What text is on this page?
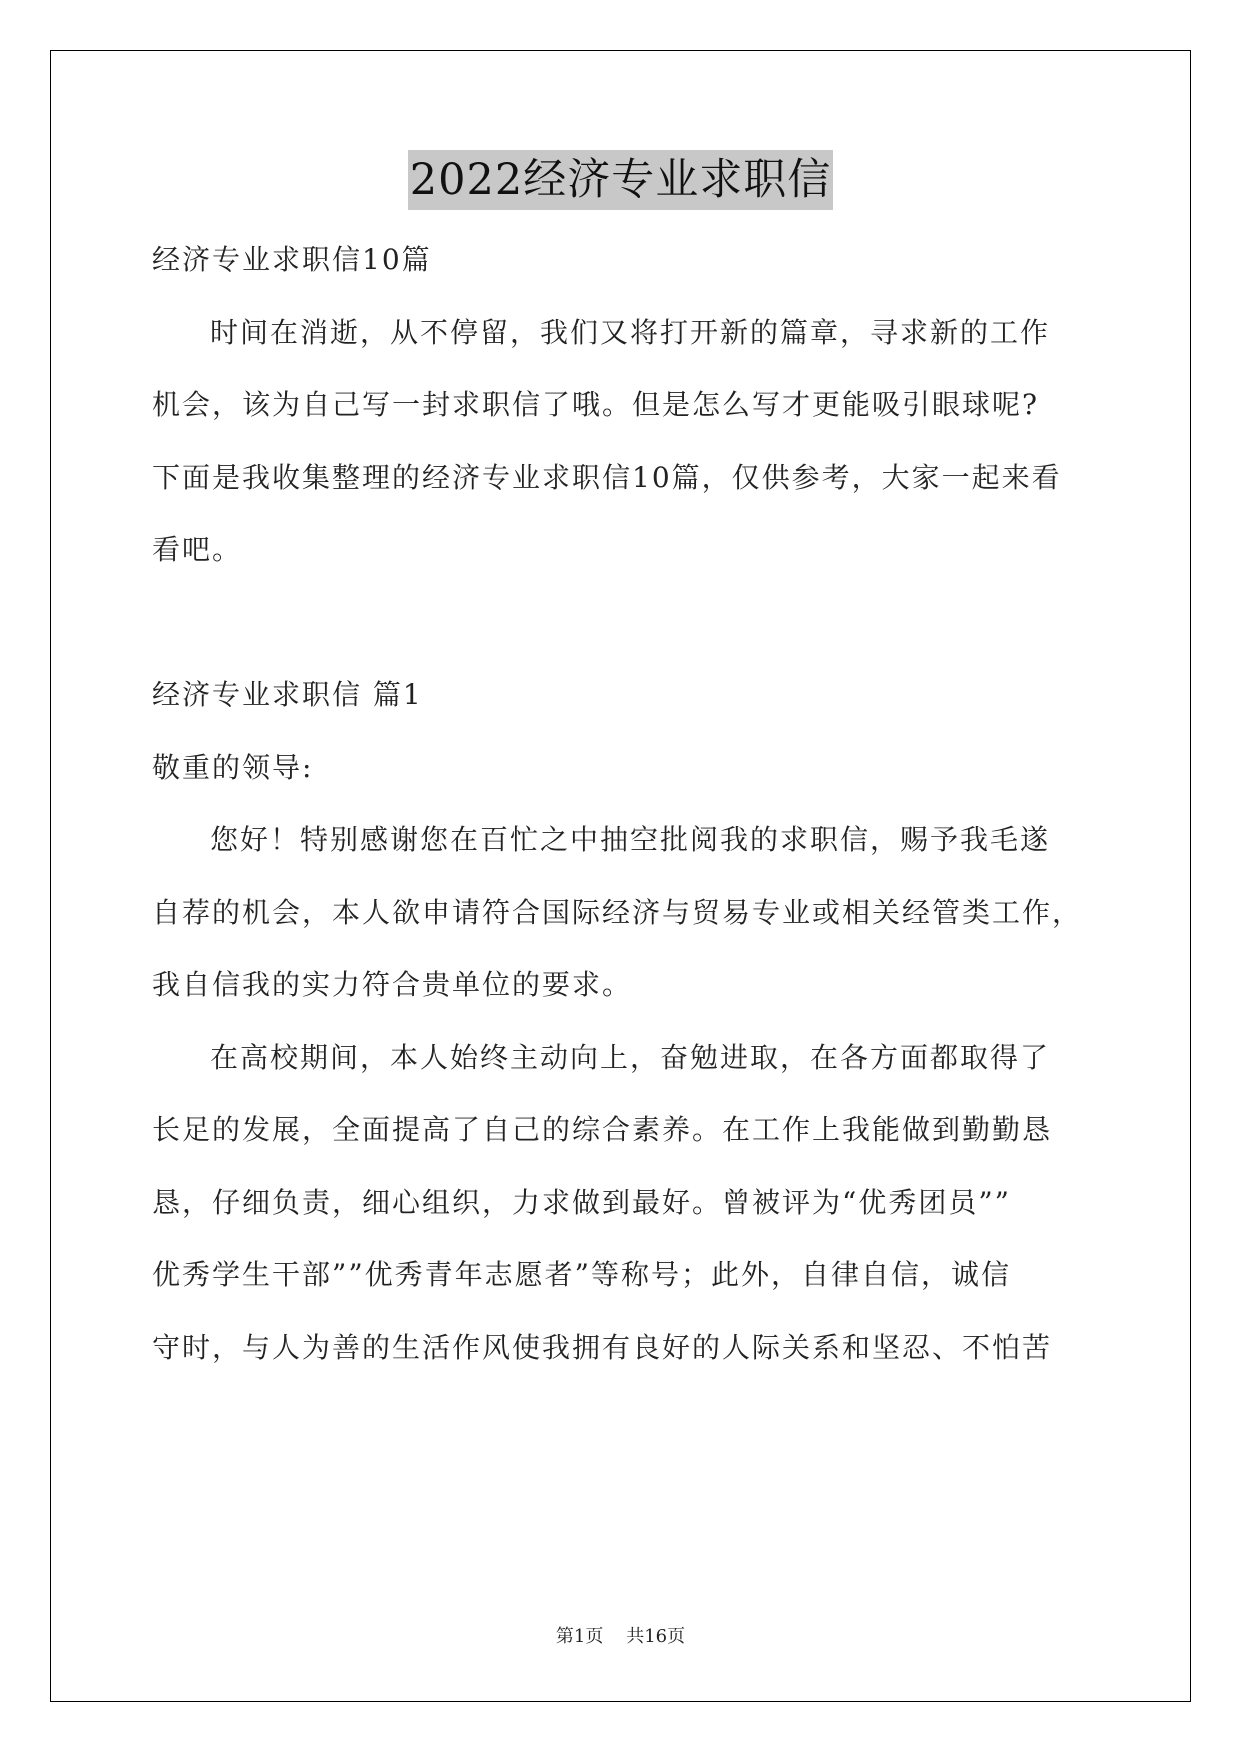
2022经济专业求职信
经济专业求职信10篇
时间在消逝，从不停留，我们又将打开新的篇章，寻求新的工作
机会，该为自己写一封求职信了哦。但是怎么写才更能吸引眼球呢?
下面是我收集整理的经济专业求职信10篇，仅供参考，大家一起来看
看吧。
经济专业求职信 篇1
敬重的领导:
您好！特别感谢您在百忙之中抽空批阅我的求职信，赐予我毛遂
自荐的机会，本人欲申请符合国际经济与贸易专业或相关经管类工作，
我自信我的实力符合贵单位的要求。
在高校期间，本人始终主动向上，奋勉进取，在各方面都取得了
长足的发展，全面提高了自己的综合素养。在工作上我能做到勤勤恳
恳，仔细负责，细心组织，力求做到最好。曾被评为“优秀团员””
优秀学生干部””优秀青年志愿者”等称号；此外，自律自信，诚信
守时，与人为善的生活作风使我拥有良好的人际关系和坚忍、不怕苦
第1页 共16页
